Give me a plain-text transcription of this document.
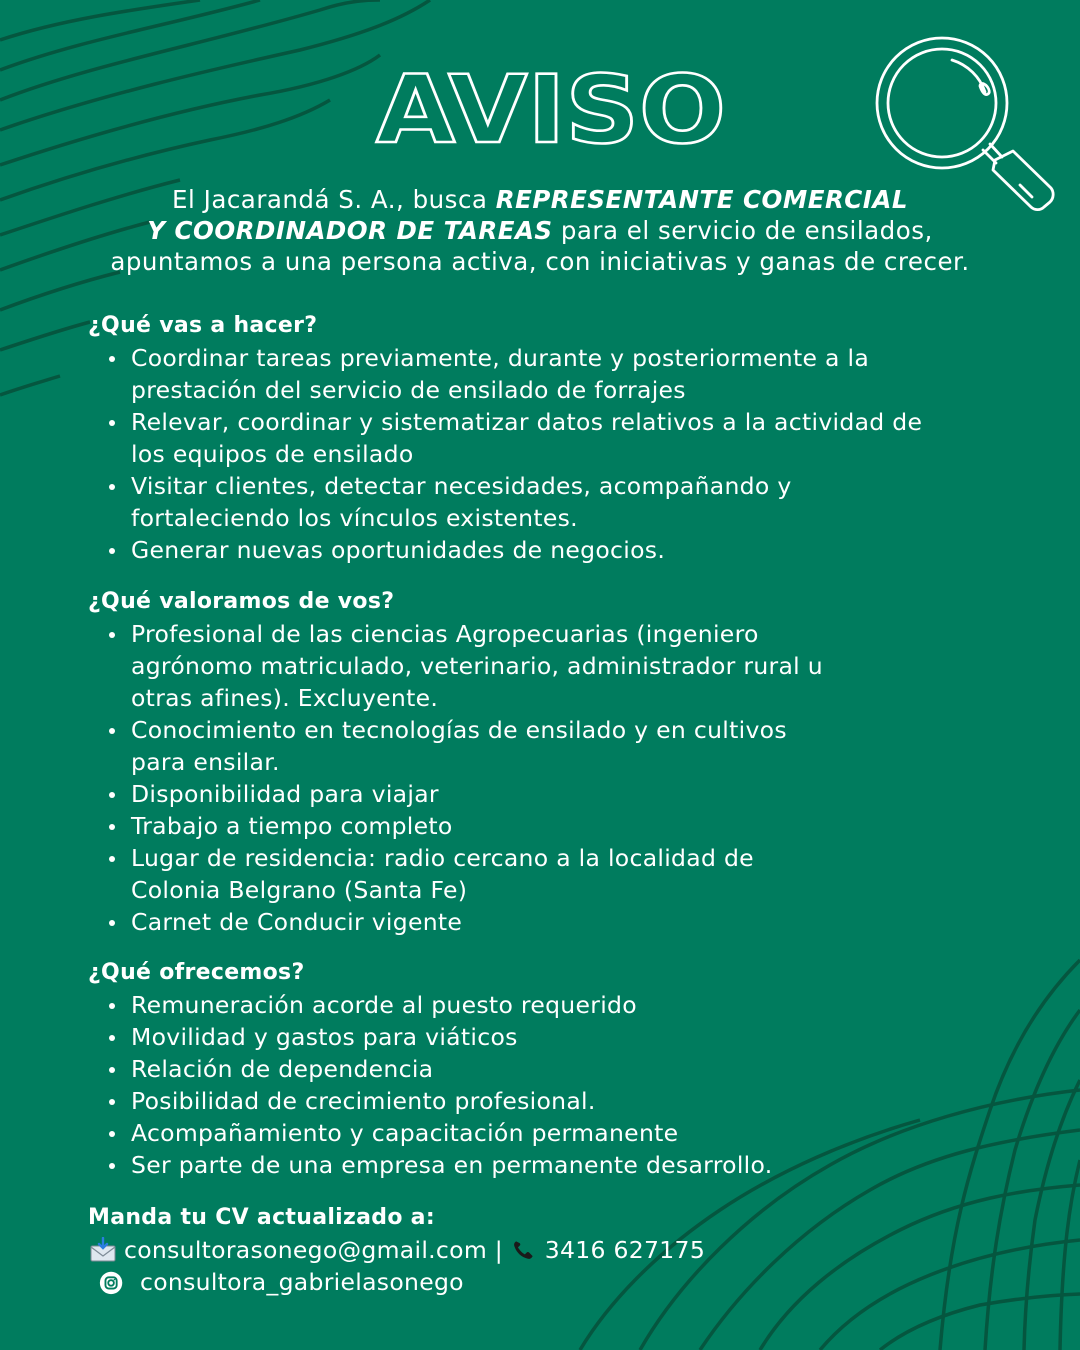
AVISO
El Jacarandá S. A., busca REPRESENTANTE COMERCIAL
Y COORDINADOR DE TAREAS para el servicio de ensilados,
apuntamos a una persona activa, con iniciativas y ganas de crecer.

¿Qué vas a hacer?

Coordinar tareas previamente, durante y posteriormente a la
prestación del servicio de ensilado de forrajes
Relevar, coordinar y sistematizar datos relativos a la actividad de
los equipos de ensilado
Visitar clientes, detectar necesidades, acompañando y
fortaleciendo los vínculos existentes.
Generar nuevas oportunidades de negocios.

¿Qué valoramos de vos?

Profesional de las ciencias Agropecuarias (ingeniero
agrónomo matriculado, veterinario, administrador rural u
otras afines). Excluyente.
Conocimiento en tecnologías de ensilado y en cultivos
para ensilar.
Disponibilidad para viajar
Trabajo a tiempo completo
Lugar de residencia: radio cercano a la localidad de
Colonia Belgrano (Santa Fe)
Carnet de Conducir vigente

¿Qué ofrecemos?

Remuneración acorde al puesto requerido
Movilidad y gastos para viáticos
Relación de dependencia
Posibilidad de crecimiento profesional.
Acompañamiento y capacitación permanente
Ser parte de una empresa en permanente desarrollo.

Manda tu CV actualizado a:

consultorasonego@gmail.com | 3416 627175
consultora_gabrielasonego
